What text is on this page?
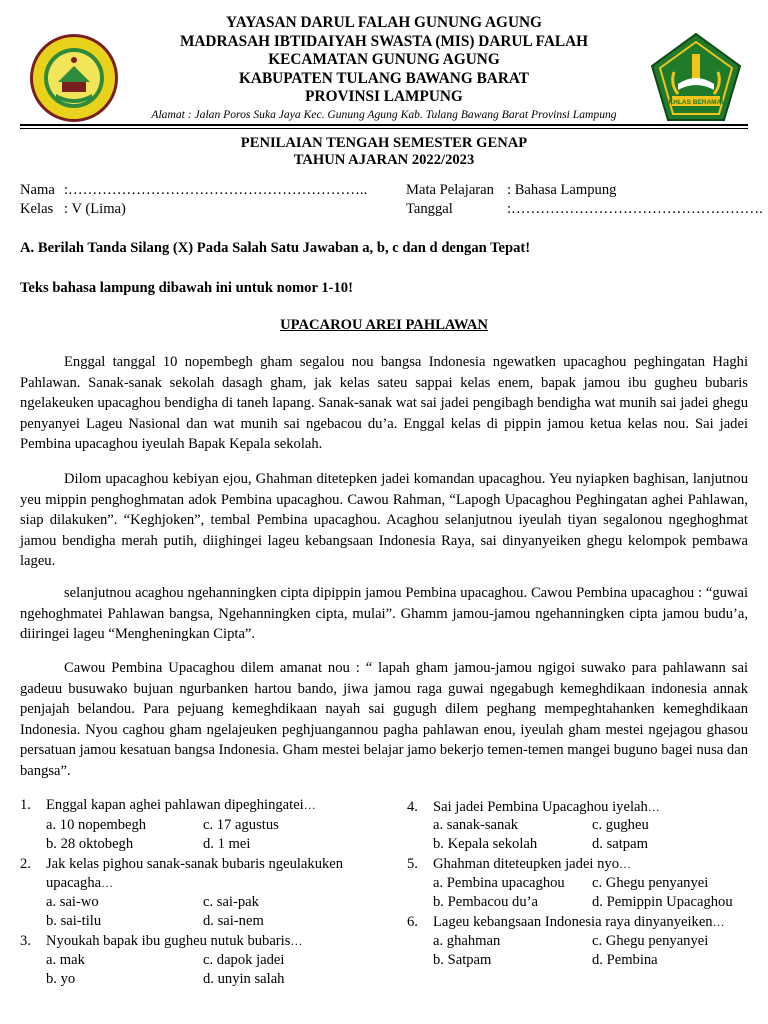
YAYASAN DARUL FALAH GUNUNG AGUNG
MADRASAH IBTIDAIYAH SWASTA (MIS) DARUL FALAH
KECAMATAN GUNUNG AGUNG
KABUPATEN TULANG BAWANG BARAT
PROVINSI LAMPUNG
Alamat : Jalan Poros Suka Jaya Kec. Gunung Agung Kab. Tulang Bawang Barat Provinsi Lampung
IKHLAS BERAMAL
PENILAIAN TENGAH SEMESTER GENAP
TAHUN AJARAN 2022/2023
Nama :……………………………………………………..
Kelas : V (Lima)
Mata Pelajaran : Bahasa Lampung
Tanggal	:…………………………………………….
A. Berilah Tanda Silang (X) Pada Salah Satu Jawaban a, b, c dan d dengan Tepat!
Teks bahasa lampung dibawah ini untuk nomor 1-10!
UPACAROU AREI PAHLAWAN
Enggal tanggal 10 nopembegh gham segalou nou bangsa Indonesia ngewatken upacaghou peghingatan Haghi Pahlawan. Sanak-sanak sekolah dasagh gham, jak kelas sateu sappai kelas enem, bapak jamou ibu gugheu bubaris ngelakeuken upacaghou bendigha di taneh lapang. Sanak-sanak wat sai jadei pengibagh bendigha wat munih sai jadei ghegu penyanyei Lageu Nasional dan wat munih sai ngebacou du’a. Enggal kelas di pippin jamou ketua kelas nou. Sai jadei Pembina upacaghou iyeulah Bapak Kepala sekolah.
Dilom upacaghou kebiyan ejou, Ghahman ditetepken jadei komandan upacaghou. Yeu nyiapken baghisan, lanjutnou yeu mippin penghoghmatan adok Pembina upacaghou. Cawou Rahman, “Lapogh Upacaghou Peghingatan aghei Pahlawan, siap dilakuken”. “Keghjoken”, tembal Pembina upacaghou. Acaghou selanjutnou iyeulah tiyan segalonou ngeghoghmat jamou bendigha merah putih, diighingei lageu kebangsaan Indonesia Raya, sai dinyanyeiken ghegu kelompok pembawa lageu.
selanjutnou acaghou ngehanningken cipta dipippin jamou Pembina upacaghou. Cawou Pembina upacaghou : “guwai ngehoghmatei Pahlawan bangsa, Ngehanningken cipta, mulai”. Ghamm jamou-jamou ngehanningken cipta jamou budu’a, diiringei lageu “Mengheningkan Cipta”.
Cawou Pembina Upacaghou dilem amanat nou : “ lapah gham jamou-jamou ngigoi suwako para pahlawann sai gadeuu busuwako bujuan ngurbanken hartou bando, jiwa jamou raga guwai ngegabugh kemeghdikaan indonesia annak penjajah belandou. Para pejuang kemeghdikaan nayah sai gugugh dilem peghang mempeghtahanken kemeghdikaan Indonesia. Nyou caghou gham ngelajeuken peghjuangannou pagha pahlawan enou, iyeulah gham mestei ngejagou ghasou persatuan jamou kesatuan bangsa Indonesia. Gham mestei belajar jamo bekerjo temen-temen mangei buguno bagei nusa dan bangsa”.
1. Enggal kapan aghei pahlawan dipeghingatei…
a. 10 nopembegh	c. 17 agustus
b. 28 oktobegh	d. 1 mei
2. Jak kelas pighou sanak-sanak bubaris ngeulakuken
upacagha…
a. sai-wo	c. sai-pak
b. sai-tilu	d. sai-nem
3. Nyoukah bapak ibu gugheu nutuk bubaris…
a. mak	c. dapok jadei
b. yo	d. unyin salah
4. Sai jadei Pembina Upacaghou iyelah…
a. sanak-sanak	c. gugheu
b. Kepala sekolah	d. satpam
5. Ghahman diteteupken jadei nyo…
a. Pembina upacaghou c. Ghegu penyanyei
b. Pembacou du’a	d. Pemippin Upacaghou
6. Lageu kebangsaan Indonesia raya dinyanyeiken…
a. ghahman	c. Ghegu penyanyei
b. Satpam	d. Pembina
